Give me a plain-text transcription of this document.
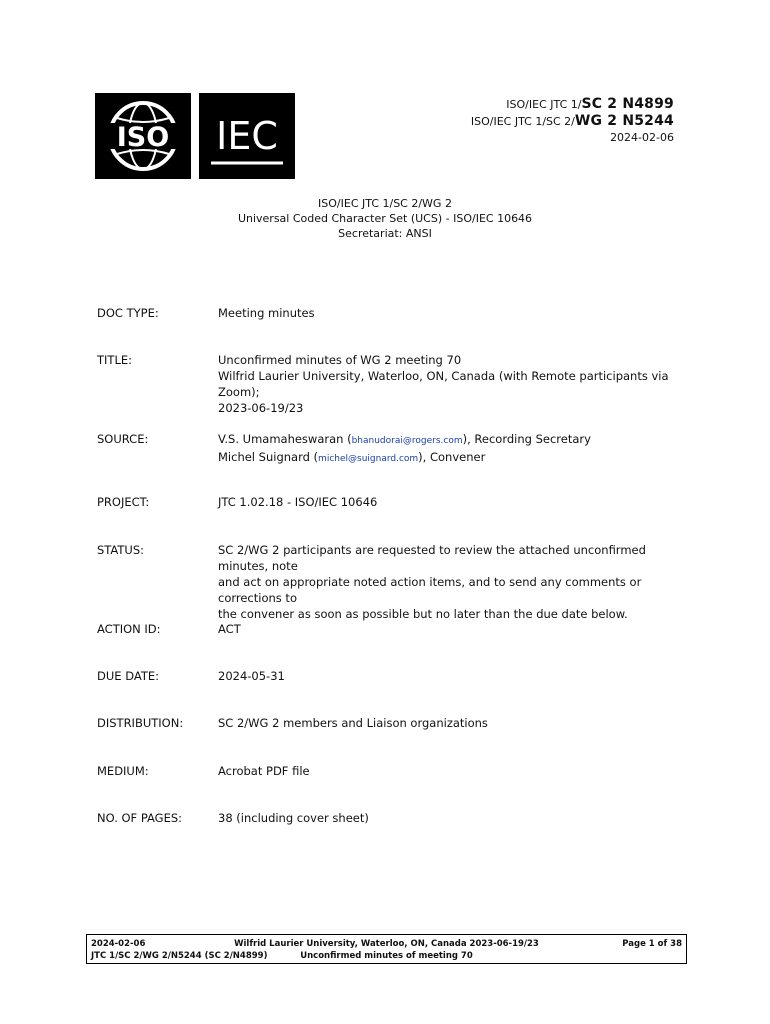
ISO IEC
ISO/IEC JTC 1/SC 2 N4899
ISO/IEC JTC 1/SC 2/WG 2 N5244
2024-02-06
ISO/IEC JTC 1/SC 2/WG 2
Universal Coded Character Set (UCS) - ISO/IEC 10646
Secretariat: ANSI
DOC TYPE:	Meeting minutes
TITLE:	Unconfirmed minutes of WG 2 meeting 70
Wilfrid Laurier University, Waterloo, ON, Canada (with Remote participants via Zoom);
2023-06-19/23
SOURCE:	V.S. Umamaheswaran (bhanudorai@rogers.com), Recording Secretary
Michel Suignard (michel@suignard.com), Convener
PROJECT:	JTC 1.02.18 - ISO/IEC 10646
STATUS:	SC 2/WG 2 participants are requested to review the attached unconfirmed minutes, note
and act on appropriate noted action items, and to send any comments or corrections to
the convener as soon as possible but no later than the due date below.
ACTION ID:	ACT
DUE DATE:	2024-05-31
DISTRIBUTION:	SC 2/WG 2 members and Liaison organizations
MEDIUM:	Acrobat PDF file
NO. OF PAGES:	38 (including cover sheet)
2024-02-06
JTC 1/SC 2/WG 2/N5244 (SC 2/N4899)
Wilfrid Laurier University, Waterloo, ON, Canada 2023-06-19/23
Unconfirmed minutes of meeting 70
Page 1 of 38
